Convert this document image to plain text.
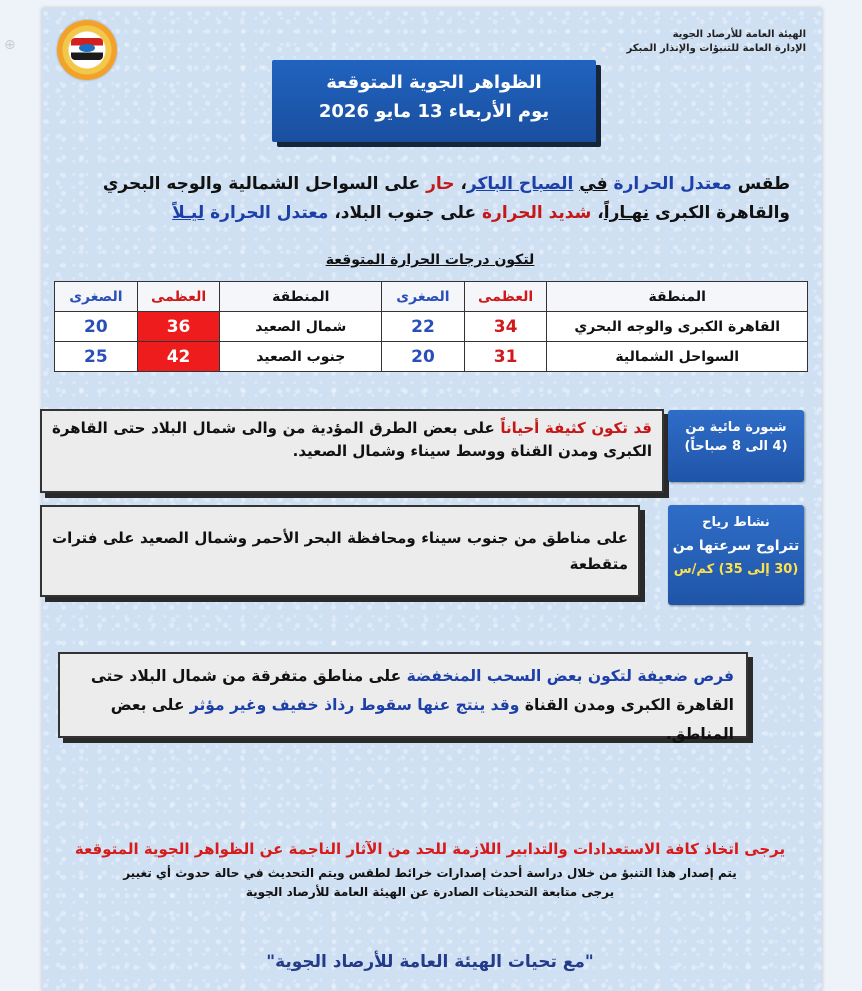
⊕
الهيئة العامة للأرصاد الجوية
الإدارة العامة للتنبؤات والإنذار المبكر
الظواهر الجوية المتوقعة
يوم الأربعاء 13 مايو 2026
طقس معتدل الحرارة في الصباح الباكر، حار على السواحل الشمالية والوجه البحري والقاهرة الكبرى نهـاراً، شديد الحرارة على جنوب البلاد، معتدل الحرارة ليـلاً
لتكون درجات الحرارة المتوقعة
المنطقة	العظمى	الصغرى	المنطقة	العظمى	الصغرى
القاهرة الكبرى والوجه البحري	34	22	شمال الصعيد	36	20
السواحل الشمالية	31	20	جنوب الصعيد	42	25
قد تكون كثيفة أحياناً على بعض الطرق المؤدية من والى شمال البلاد حتى القاهرة الكبرى ومدن القناة ووسط سيناء وشمال الصعيد.
شبورة مائية من
(4 الى 8 صباحاً)
على مناطق من جنوب سيناء ومحافظة البحر الأحمر وشمال الصعيد على فترات متقطعة
نشاط رياح
تتراوح سرعتها من
(30 إلى 35) كم/س
فرص ضعيفة لتكون بعض السحب المنخفضة على مناطق متفرقة من شمال البلاد حتى القاهرة الكبرى ومدن القناة وقد ينتج عنها سقوط رذاذ خفيف وغير مؤثر على بعض المناطق.
يرجى اتخاذ كافة الاستعدادات والتدابير اللازمة للحد من الآثار الناجمة عن الظواهر الجوية المتوقعة
يتم إصدار هذا التنبؤ من خلال دراسة أحدث إصدارات خرائط لطقس ويتم التحديث في حالة حدوث أي تغيير
يرجى متابعة التحديثات الصادرة عن الهيئة العامة للأرصاد الجوية
"مع تحيات الهيئة العامة للأرصاد الجوية"
